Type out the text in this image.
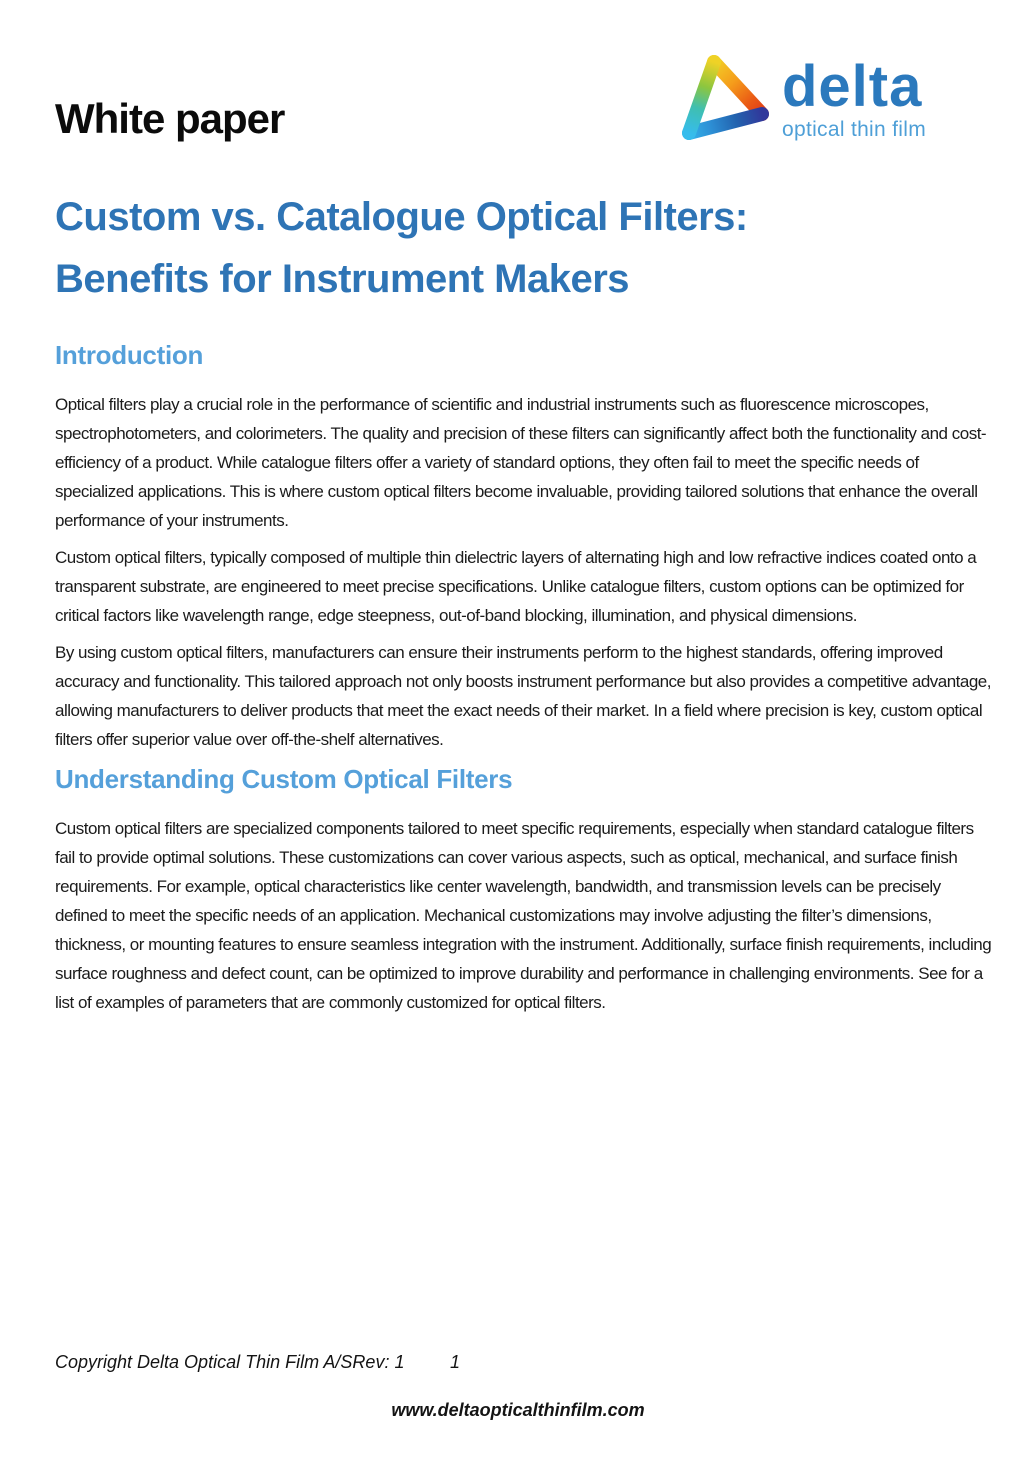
White paper	delta
optical thin film
Custom vs. Catalogue Optical Filters:
Benefits for Instrument Makers
Introduction

Optical filters play a crucial role in the performance of scientific and industrial instruments such as fluorescence microscopes, spectrophotometers, and colorimeters. The quality and precision of these filters can significantly affect both the functionality and cost-efficiency of a product. While catalogue filters offer a variety of standard options, they often fail to meet the specific needs of specialized applications. This is where custom optical filters become invaluable, providing tailored solutions that enhance the overall performance of your instruments.

Custom optical filters, typically composed of multiple thin dielectric layers of alternating high and low refractive indices coated onto a transparent substrate, are engineered to meet precise specifications. Unlike catalogue filters, custom options can be optimized for critical factors like wavelength range, edge steepness, out-of-band blocking, illumination, and physical dimensions.

By using custom optical filters, manufacturers can ensure their instruments perform to the highest standards, offering improved accuracy and functionality. This tailored approach not only boosts instrument performance but also provides a competitive advantage, allowing manufacturers to deliver products that meet the exact needs of their market. In a field where precision is key, custom optical filters offer superior value over off-the-shelf alternatives.

Understanding Custom Optical Filters

Custom optical filters are specialized components tailored to meet specific requirements, especially when standard catalogue filters fail to provide optimal solutions. These customizations can cover various aspects, such as optical, mechanical, and surface finish requirements. For example, optical characteristics like center wavelength, bandwidth, and transmission levels can be precisely defined to meet the specific needs of an application. Mechanical customizations may involve adjusting the filter’s dimensions, thickness, or mounting features to ensure seamless integration with the instrument. Additionally, surface finish requirements, including surface roughness and defect count, can be optimized to improve durability and performance in challenging environments. See for a list of examples of parameters that are commonly customized for optical filters.

Copyright Delta Optical Thin Film A/SRev: 1	1
www.deltaopticalthinfilm.com
